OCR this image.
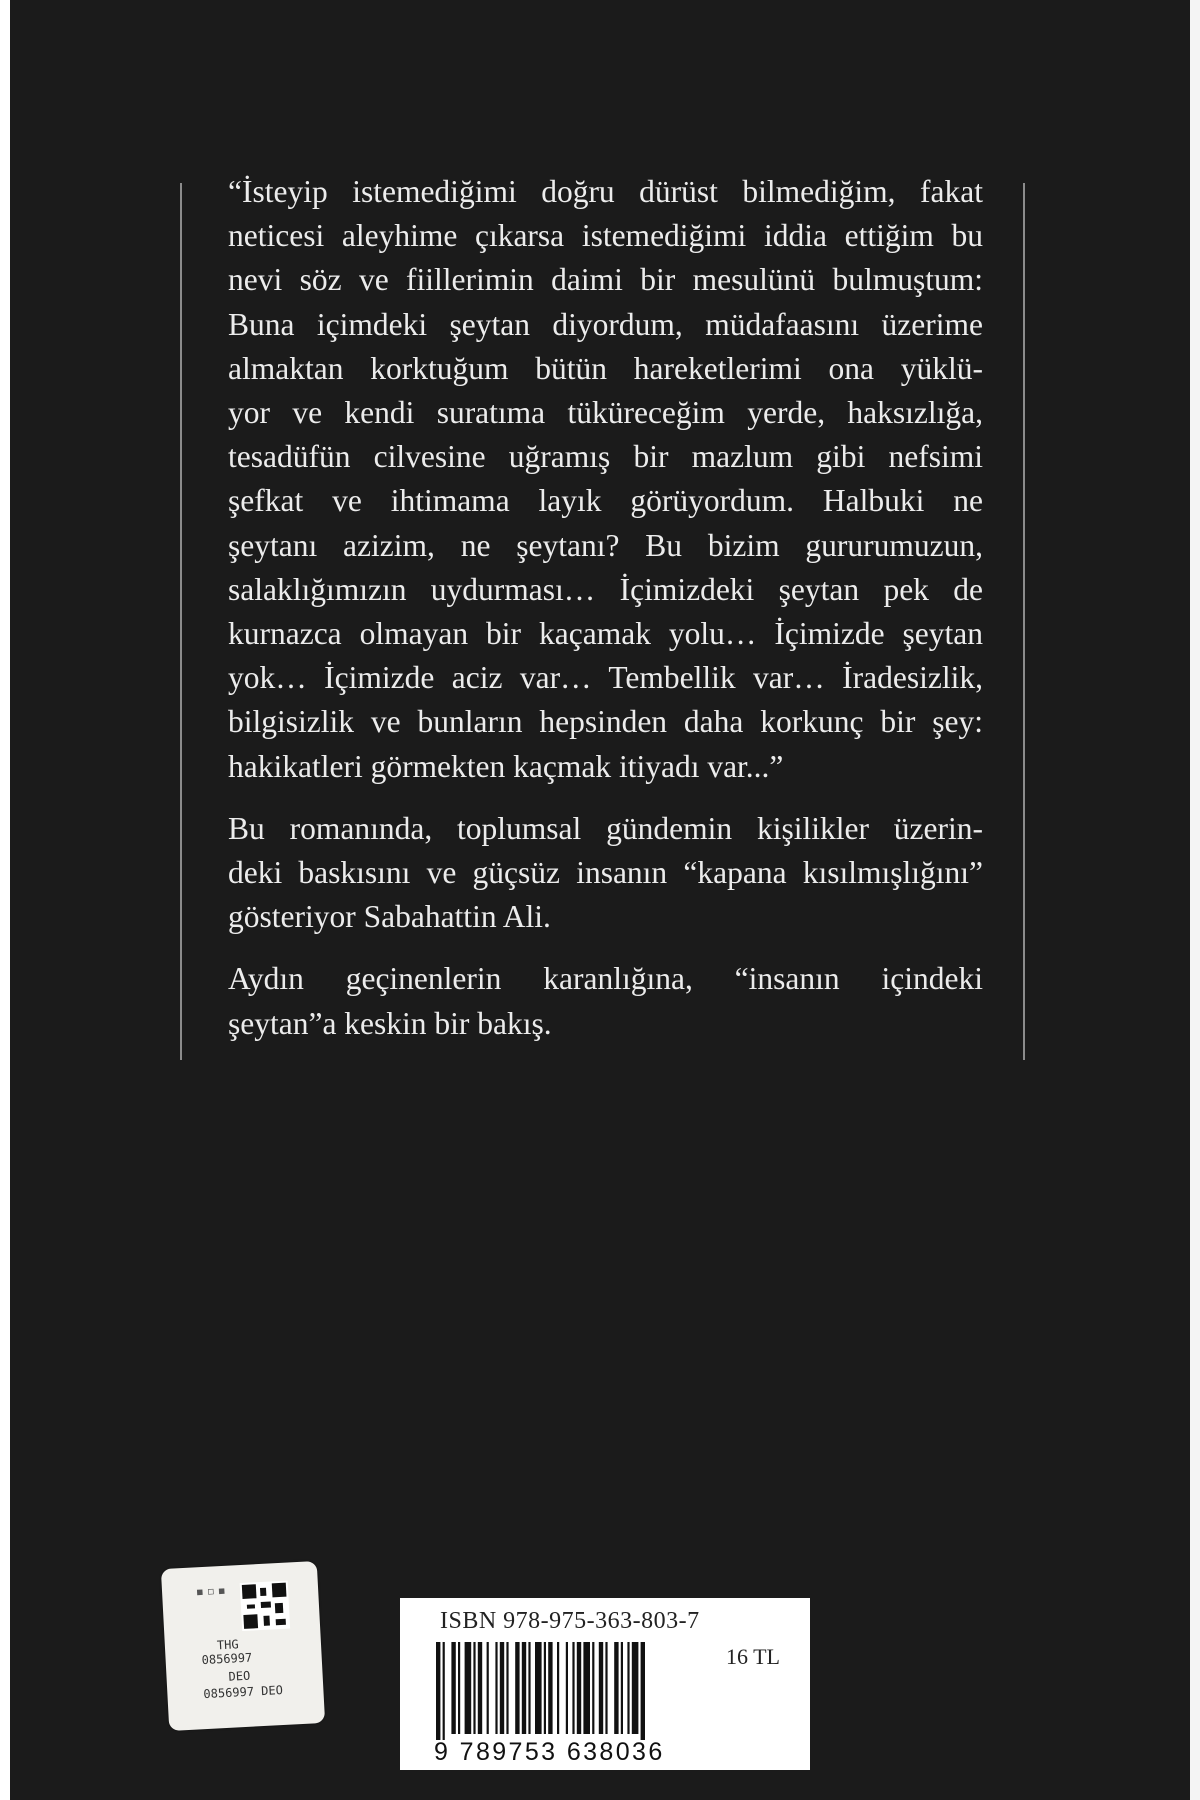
“İsteyip istemediğimi doğru dürüst bilmediğim, fakat
neticesi aleyhime çıkarsa istemediğimi iddia ettiğim bu
nevi söz ve fiillerimin daimi bir mesulünü bulmuştum:
Buna içimdeki şeytan diyordum, müdafaasını üzerime
almaktan korktuğum bütün hareketlerimi ona yüklü-
yor ve kendi suratıma tüküreceğim yerde, haksızlığa,
tesadüfün cilvesine uğramış bir mazlum gibi nefsimi
şefkat ve ihtimama layık görüyordum. Halbuki ne
şeytanı azizim, ne şeytanı? Bu bizim gururumuzun,
salaklığımızın uydurması… İçimizdeki şeytan pek de
kurnazca olmayan bir kaçamak yolu… İçimizde şeytan
yok… İçimizde aciz var… Tembellik var… İradesizlik,
bilgisizlik ve bunların hepsinden daha korkunç bir şey:
hakikatleri görmekten kaçmak itiyadı var...”

Bu romanında, toplumsal gündemin kişilikler üzerin-
deki baskısını ve güçsüz insanın “kapana kısılmışlığını”
gösteriyor Sabahattin Ali.

Aydın geçinenlerin karanlığına, “insanın içindeki
şeytan”a keskin bir bakış.

▪ ▫ ▪
THG
0856997
DEO
0856997 DEO
ISBN 978-975-363-803-7
16 TL
9 789753 638036
